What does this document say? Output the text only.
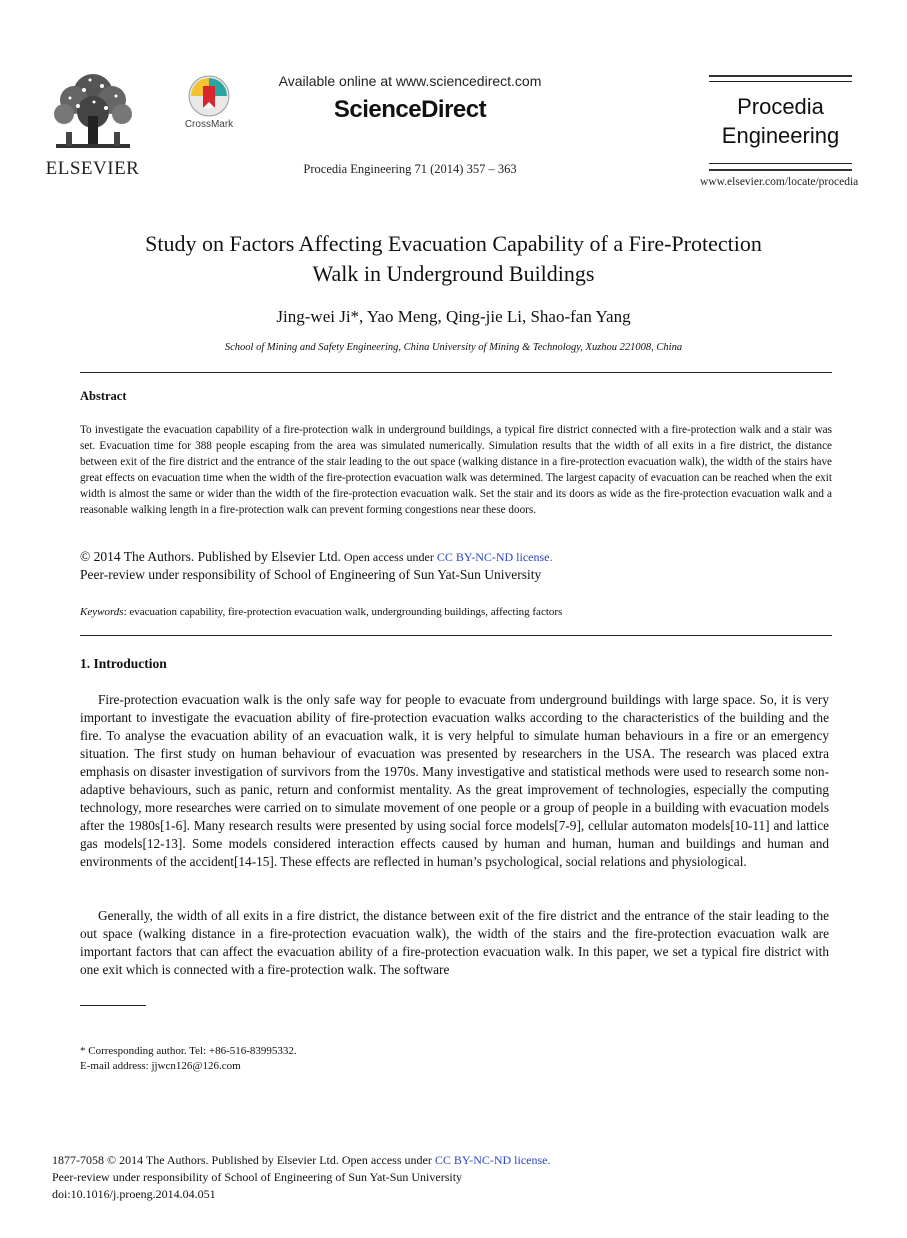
ELSEVIER
CrossMark
Available online at www.sciencedirect.com
ScienceDirect
Procedia Engineering 71 (2014) 357 – 363
Procedia
Engineering
www.elsevier.com/locate/procedia
Study on Factors Affecting Evacuation Capability of a Fire-Protection
Walk in Underground Buildings
Jing-wei Ji*, Yao Meng, Qing-jie Li, Shao-fan Yang
School of Mining and Safety Engineering, China University of Mining & Technology, Xuzhou 221008, China
Abstract
To investigate the evacuation capability of a fire-protection walk in underground buildings, a typical fire district connected with a fire-protection walk and a stair was set. Evacuation time for 388 people escaping from the area was simulated numerically. Simulation results that the width of all exits in a fire district, the distance between exit of the fire district and the entrance of the stair leading to the out space (walking distance in a fire-protection evacuation walk), the width of the stairs have great effects on evacuation time when the width of the fire-protection evacuation walk was determined. The largest capacity of evacuation can be reached when the exit width is almost the same or wider than the width of the fire-protection evacuation walk. Set the stair and its doors as wide as the fire-protection evacuation walk and a reasonable walking length in a fire-protection walk can prevent forming congestions near these doors.
© 2014 The Authors. Published by Elsevier Ltd. Open access under CC BY-NC-ND license.
Peer-review under responsibility of School of Engineering of Sun Yat-Sun University
Keywords: evacuation capability, fire-protection evacuation walk, undergrounding buildings, affecting factors
1. Introduction
Fire-protection evacuation walk is the only safe way for people to evacuate from underground buildings with large space. So, it is very important to investigate the evacuation ability of fire-protection evacuation walks according to the characteristics of the building and the fire. To analyse the evacuation ability of an evacuation walk, it is very helpful to simulate human behaviours in a fire or an emergency situation. The first study on human behaviour of evacuation was presented by researchers in the USA. The research was placed extra emphasis on disaster investigation of survivors from the 1970s. Many investigative and statistical methods were used to research some non-adaptive behaviours, such as panic, return and conformist mentality. As the great improvement of technologies, especially the computing technology, more researches were carried on to simulate movement of one people or a group of people in a building with evacuation models after the 1980s[1-6]. Many research results were presented by using social force models[7-9], cellular automaton models[10-11] and lattice gas models[12-13]. Some models considered interaction effects caused by human and human, human and buildings and human and environments of the accident[14-15]. These effects are reflected in human’s psychological, social relations and physiological.
Generally, the width of all exits in a fire district, the distance between exit of the fire district and the entrance of the stair leading to the out space (walking distance in a fire-protection evacuation walk), the width of the stairs and the fire-protection evacuation walk are important factors that can affect the evacuation ability of a fire-protection evacuation walk. In this paper, we set a typical fire district with one exit which is connected with a fire-protection walk. The software
* Corresponding author. Tel: +86-516-83995332.
E-mail address: jjwcn126@126.com
1877-7058 © 2014 The Authors. Published by Elsevier Ltd. Open access under CC BY-NC-ND license.
Peer-review under responsibility of School of Engineering of Sun Yat-Sun University
doi:10.1016/j.proeng.2014.04.051
